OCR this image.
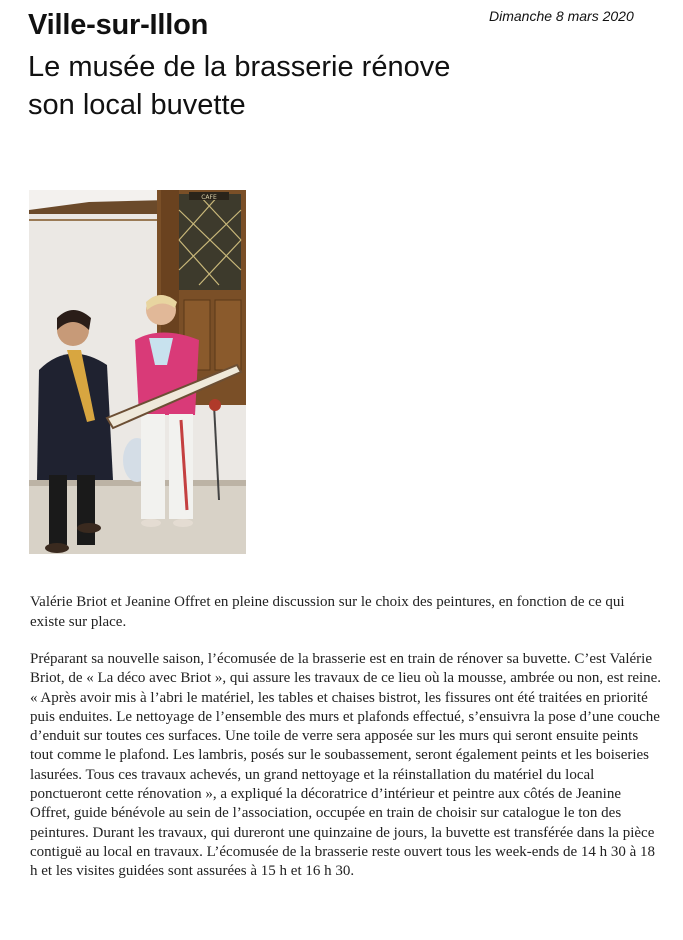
Dimanche 8 mars 2020
Ville-sur-Illon
Le musée de la brasserie rénove son local buvette
CAFE
Valérie Briot et Jeanine Offret en pleine discussion sur le choix des peintures, en fonction de ce qui existe sur place.
Préparant sa nouvelle saison, l’écomusée de la brasserie est en train de rénover sa buvette. C’est Valérie Briot, de « La déco avec Briot », qui assure les travaux de ce lieu où la mousse, ambrée ou non, est reine. « Après avoir mis à l’abri le matériel, les tables et chaises bistrot, les fissures ont été traitées en priorité puis enduites. Le nettoyage de l’ensemble des murs et plafonds effectué, s’ensuivra la pose d’une couche d’enduit sur toutes ces surfaces. Une toile de verre sera apposée sur les murs qui seront ensuite peints tout comme le plafond. Les lambris, posés sur le soubassement, seront également peints et les boiseries lasurées. Tous ces travaux achevés, un grand nettoyage et la réinstallation du matériel du local ponctueront cette rénovation », a expliqué la décoratrice d’intérieur et peintre aux côtés de Jeanine Offret, guide bénévole au sein de l’association, occupée en train de choisir sur catalogue le ton des peintures. Durant les travaux, qui dureront une quinzaine de jours, la buvette est transférée dans la pièce contiguë au local en travaux. L’écomusée de la brasserie reste ouvert tous les week-ends de 14 h 30 à 18 h et les visites guidées sont assurées à 15 h et 16 h 30.
